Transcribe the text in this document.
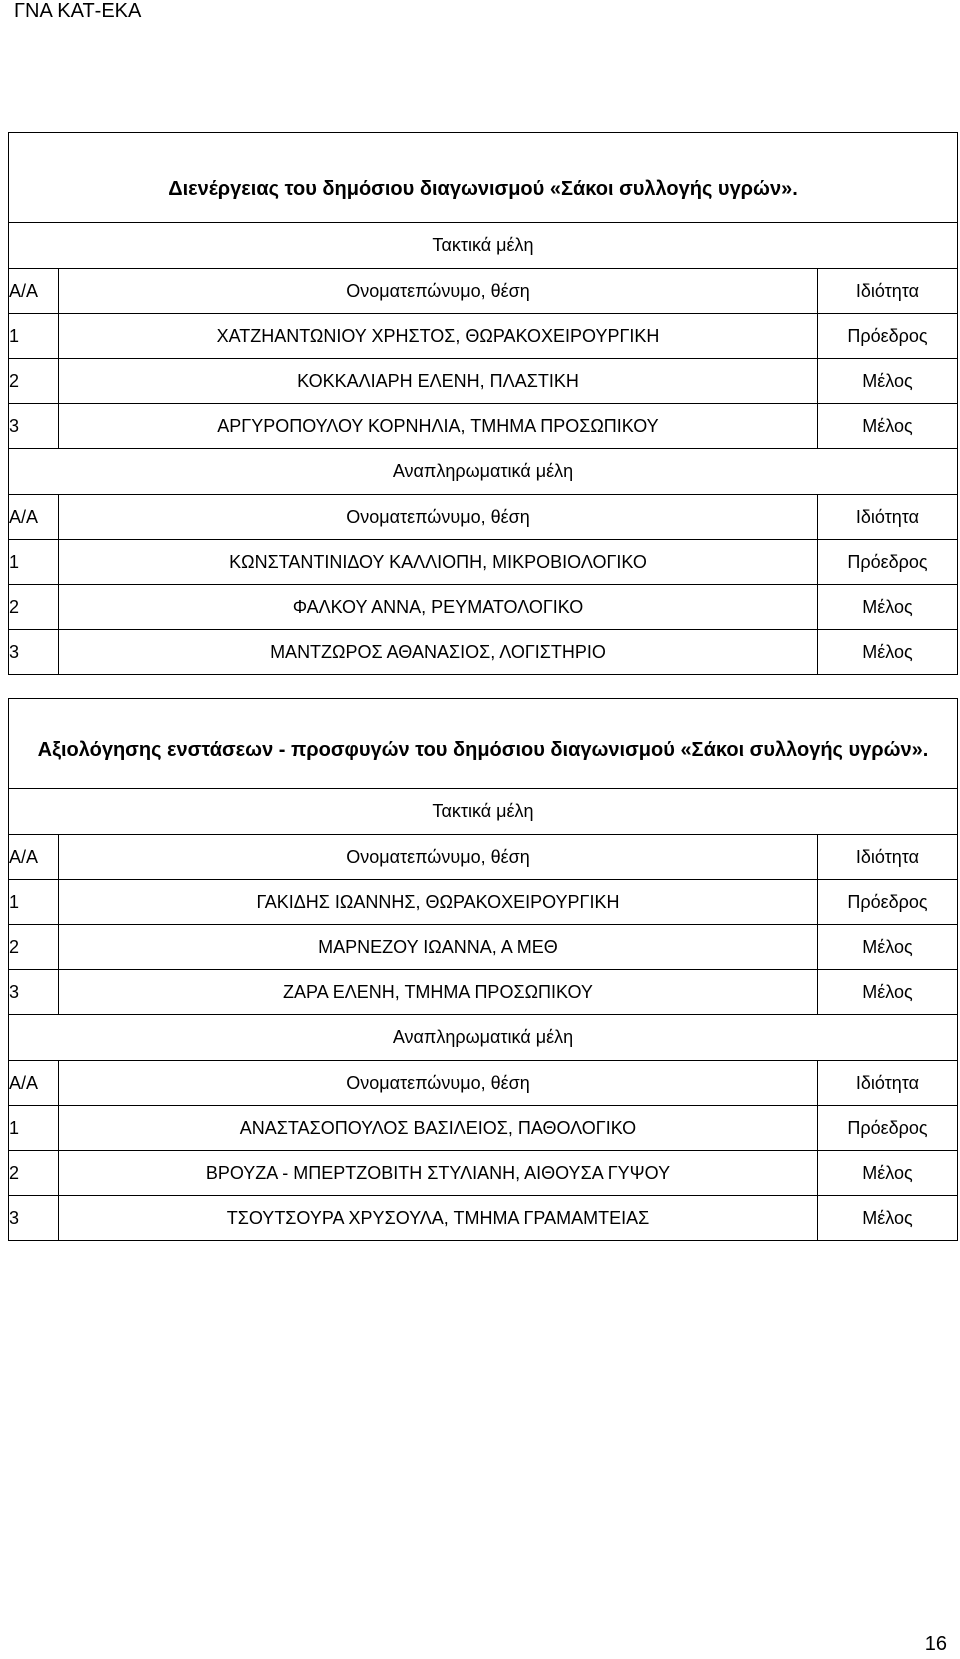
ΓΝΑ ΚΑΤ-ΕΚΑ
Διενέργειας του δημόσιου διαγωνισμού «Σάκοι συλλογής υγρών».		
Τακτικά μέλη		
Α/Α	Ονοματεπώνυμο, θέση	Ιδιότητα
1	ΧΑΤΖΗΑΝΤΩΝΙΟΥ ΧΡΗΣΤΟΣ, ΘΩΡΑΚΟΧΕΙΡΟΥΡΓΙΚΗ	Πρόεδρος
2	ΚΟΚΚΑΛΙΑΡΗ ΕΛΕΝΗ, ΠΛΑΣΤΙΚΗ	Μέλος
3	ΑΡΓΥΡΟΠΟΥΛΟΥ ΚΟΡΝΗΛΙΑ, ΤΜΗΜΑ ΠΡΟΣΩΠΙΚΟΥ	Μέλος
Αναπληρωματικά μέλη		
Α/Α	Ονοματεπώνυμο, θέση	Ιδιότητα
1	ΚΩΝΣΤΑΝΤΙΝΙΔΟΥ ΚΑΛΛΙΟΠΗ, ΜΙΚΡΟΒΙΟΛΟΓΙΚΟ	Πρόεδρος
2	ΦΑΛΚΟΥ ΑΝΝΑ, ΡΕΥΜΑΤΟΛΟΓΙΚΟ	Μέλος
3	ΜΑΝΤΖΩΡΟΣ ΑΘΑΝΑΣΙΟΣ, ΛΟΓΙΣΤΗΡΙΟ	Μέλος
Αξιολόγησης ενστάσεων - προσφυγών του δημόσιου διαγωνισμού «Σάκοι συλλογής υγρών».		
Τακτικά μέλη		
Α/Α	Ονοματεπώνυμο, θέση	Ιδιότητα
1	ΓΑΚΙΔΗΣ ΙΩΑΝΝΗΣ, ΘΩΡΑΚΟΧΕΙΡΟΥΡΓΙΚΗ	Πρόεδρος
2	ΜΑΡΝΕΖΟΥ ΙΩΑΝΝΑ, Α ΜΕΘ	Μέλος
3	ΖΑΡΑ ΕΛΕΝΗ, ΤΜΗΜΑ ΠΡΟΣΩΠΙΚΟΥ	Μέλος
Αναπληρωματικά μέλη		
Α/Α	Ονοματεπώνυμο, θέση	Ιδιότητα
1	ΑΝΑΣΤΑΣΟΠΟΥΛΟΣ ΒΑΣΙΛΕΙΟΣ, ΠΑΘΟΛΟΓΙΚΟ	Πρόεδρος
2	ΒΡΟΥΖΑ - ΜΠΕΡΤΖΟΒΙΤΗ ΣΤΥΛΙΑΝΗ, ΑΙΘΟΥΣΑ ΓΥΨΟΥ	Μέλος
3	ΤΣΟΥΤΣΟΥΡΑ ΧΡΥΣΟΥΛΑ, ΤΜΗΜΑ ΓΡΑΜΑΜΤΕΙΑΣ	Μέλος
16
